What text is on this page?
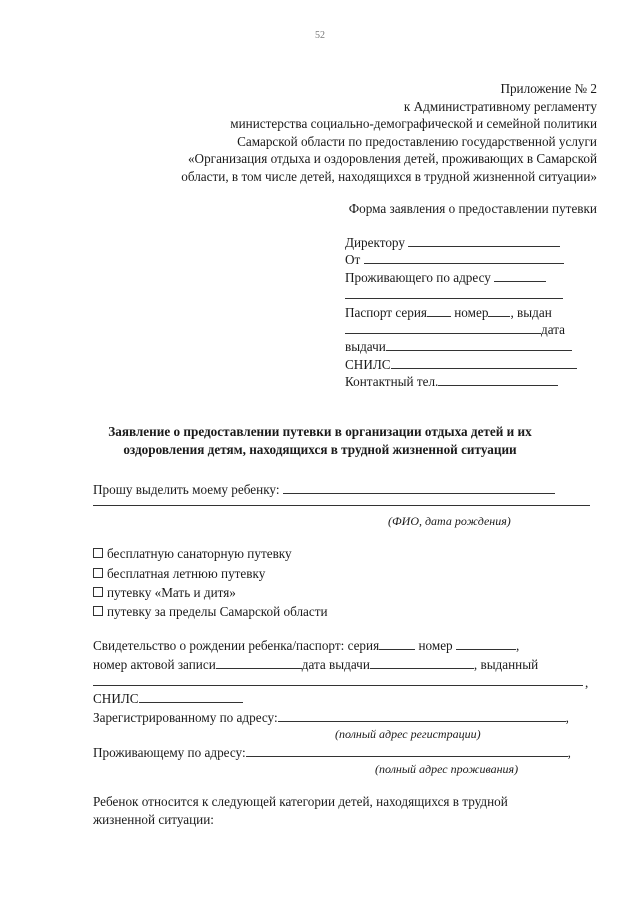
52
Приложение № 2
к Административному регламенту
министерства социально-демографической и семейной политики
Самарской области по предоставлению государственной услуги
«Организация отдыха и оздоровления детей, проживающих в Самарской
области, в том числе детей, находящихся в трудной жизненной ситуации»
Форма заявления о предоставлении путевки
Директору
От
Проживающего по адресу
Паспорт серия номер , выдан
дата
выдачи
СНИЛС
Контактный тел.
Заявление о предоставлении путевки в организации отдыха детей и их
оздоровления детям, находящихся в трудной жизненной ситуации
Прошу выделить моему ребенку:
(ФИО, дата рождения)
бесплатную санаторную путевку
бесплатная летнюю путевку
путевку «Мать и дитя»
путевку за пределы Самарской области
Свидетельство о рождении ребенка/паспорт: серия	номер	,
номер актовой записи	дата выдачи	, выданный
,
СНИЛС
Зарегистрированному по адресу:	,
(полный адрес регистрации)
Проживающему по адресу:	,
(полный адрес проживания)
Ребенок относится к следующей категории детей, находящихся в трудной
жизненной ситуации:
